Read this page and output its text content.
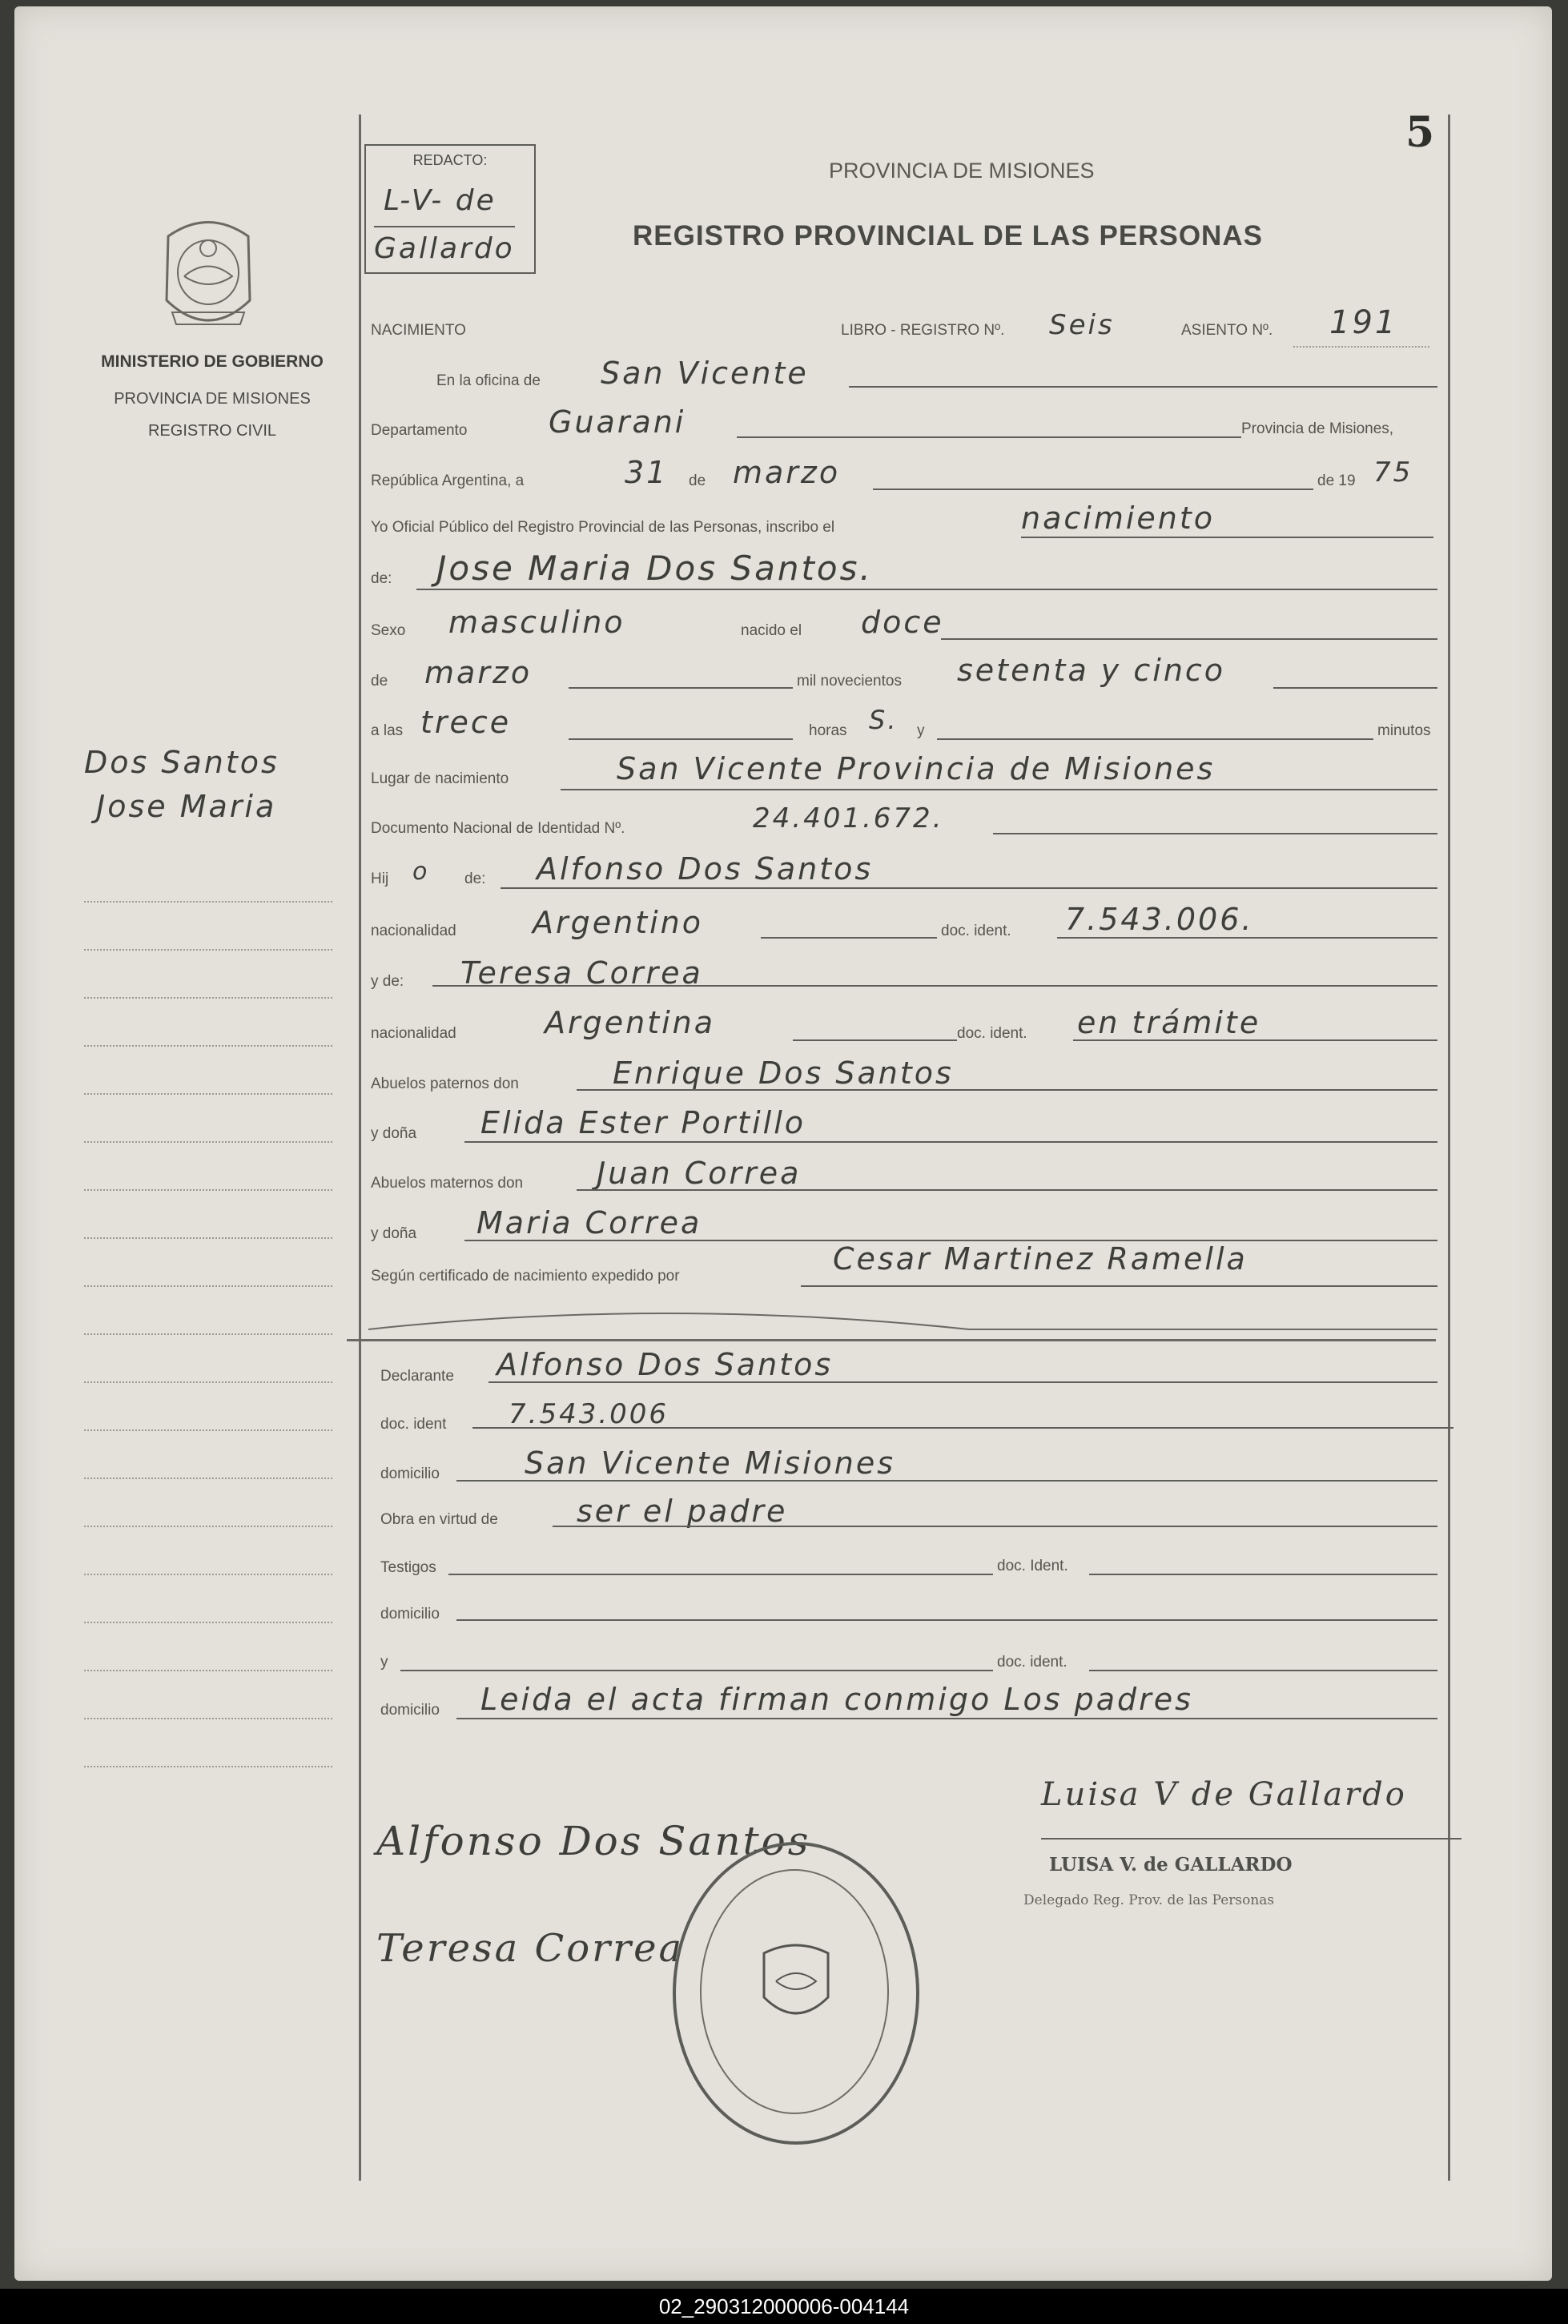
5
REDACTO:
L-V- de
Gallardo
PROVINCIA DE MISIONES
REGISTRO PROVINCIAL DE LAS PERSONAS
MINISTERIO DE GOBIERNO
PROVINCIA DE MISIONES
REGISTRO CIVIL
Dos Santos
Jose Maria
NACIMIENTO	LIBRO - REGISTRO Nº. Seis	ASIENTO Nº. 191
En la oficina de San Vicente
Departamento	Guarani	Provincia de Misiones,
República Argentina, a	31 de marzo	de 19 75
Yo Oficial Público del Registro Provincial de las Personas, inscribo el	nacimiento
de: Jose Maria Dos Santos.
Sexo masculino	nacido el doce
de marzo	mil novecientos setenta y cinco
a las trece	horas S. y	minutos
Lugar de nacimiento	San Vicente Provincia de Misiones
Documento Nacional de Identidad Nº.	24.401.672.
Hij o de: Alfonso Dos Santos
nacionalidad	Argentino	doc. ident. 7.543.006.
y de: Teresa Correa
nacionalidad	Argentina	doc. ident. en trámite
Abuelos paternos don	Enrique Dos Santos
y doña Elida Ester Portillo
Abuelos maternos don Juan Correa
y doña Maria Correa
Según certificado de nacimiento expedido por	Cesar Martinez Ramella
Declarante Alfonso Dos Santos
doc. ident 7.543.006
domicilio	San Vicente Misiones
Obra en virtud de	ser el padre
Testigos	doc. Ident.
domicilio
y	doc. ident.
domicilio Leida el acta firman conmigo Los padres
Luisa V de Gallardo
LUISA V. de GALLARDO
Delegado Reg. Prov. de las Personas
Alfonso Dos Santos
Teresa Correa
02_290312000006-004144
